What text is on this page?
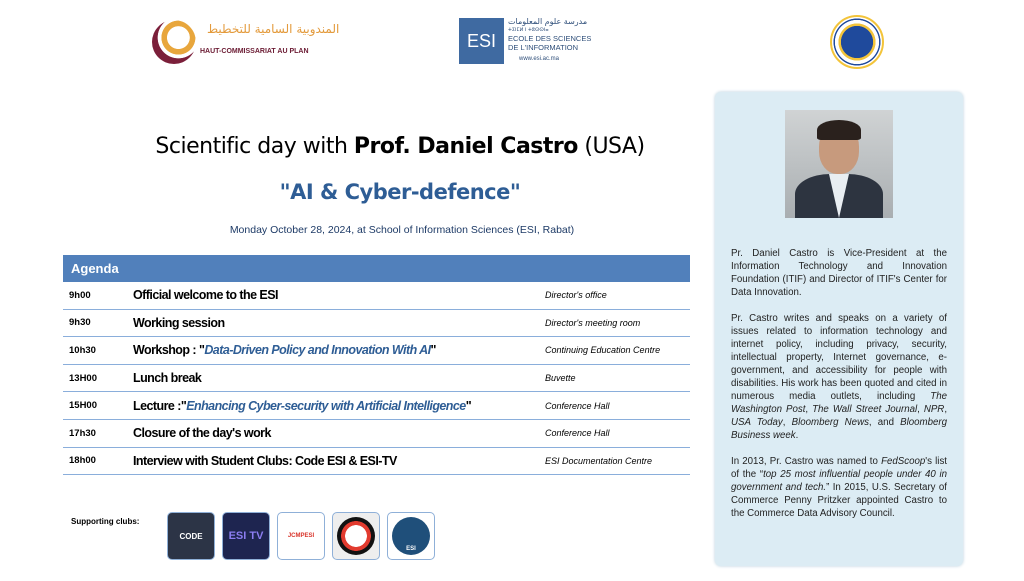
المندوبية السامية للتخطيط
HAUT-COMMISSARIAT AU PLAN
ESI
مدرسة علوم المعلومات
ⵜⵉⵏⵎⵍ ⵏ ⵜⵓⵙⵙⵏⴰ
ECOLE DES SCIENCES
DE L'INFORMATION
www.esi.ac.ma
Scientific day with Prof. Daniel Castro (USA)
"AI & Cyber-defence"
Monday October 28, 2024, at School of Information Sciences (ESI, Rabat)
Agenda
9h00	Official welcome to the ESI	Director's office
9h30	Working session	Director's meeting room
10h30	Workshop : "Data-Driven Policy and Innovation With AI"	Continuing Education Centre
13H00	Lunch break	Buvette
15H00	Lecture :"Enhancing Cyber-security with Artificial Intelligence"	Conference Hall
17h30	Closure of the day's work	Conference Hall
18h00	Interview with Student Clubs: Code ESI & ESI-TV	ESI Documentation Centre
Supporting clubs:
CODE ESI TV	JCMPESI
ESI

Pr. Daniel Castro is Vice-President at the Information Technology and Innovation Foundation (ITIF) and Director of ITIF's Center for Data Innovation.

Pr. Castro writes and speaks on a variety of issues related to information technology and internet policy, including privacy, security, intellectual property, Internet governance, e-government, and accessibility for people with disabilities. His work has been quoted and cited in numerous media outlets, including The Washington Post, The Wall Street Journal, NPR, USA Today, Bloomberg News, and Bloomberg Business week.

In 2013, Pr. Castro was named to FedScoop's list of the “top 25 most influential people under 40 in government and tech.” In 2015, U.S. Secretary of Commerce Penny Pritzker appointed Castro to the Commerce Data Advisory Council.
